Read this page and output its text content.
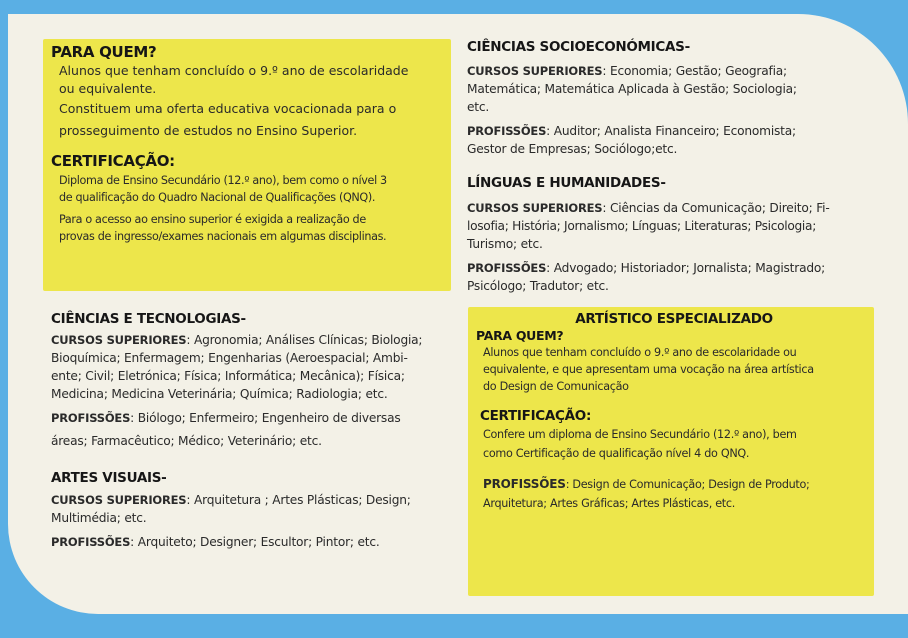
PARA QUEM?
Alunos que tenham concluído o 9.º ano de escolaridade
ou equivalente.
Constituem uma oferta educativa vocacionada para o
prosseguimento de estudos no Ensino Superior.
CERTIFICAÇÃO:
Diploma de Ensino Secundário (12.º ano), bem como o nível 3
de qualificação do Quadro Nacional de Qualificações (QNQ).
Para o acesso ao ensino superior é exigida a realização de
provas de ingresso/exames nacionais em algumas disciplinas.
CIÊNCIAS E TECNOLOGIAS-
CURSOS SUPERIORES: Agronomia; Análises Clínicas; Biologia;
Bioquímica; Enfermagem; Engenharias (Aeroespacial; Ambi-
ente; Civil; Eletrónica; Física; Informática; Mecânica); Física;
Medicina; Medicina Veterinária; Química; Radiologia; etc.
PROFISSÕES: Biólogo; Enfermeiro; Engenheiro de diversas
áreas; Farmacêutico; Médico; Veterinário; etc.
ARTES VISUAIS-
CURSOS SUPERIORES: Arquitetura ; Artes Plásticas; Design;
Multimédia; etc.
PROFISSÕES: Arquiteto; Designer; Escultor; Pintor; etc.
CIÊNCIAS SOCIOECONÓMICAS-
CURSOS SUPERIORES: Economia; Gestão; Geografia;
Matemática; Matemática Aplicada à Gestão; Sociologia;
etc.
PROFISSÕES: Auditor; Analista Financeiro; Economista;
Gestor de Empresas; Sociólogo;etc.
LÍNGUAS E HUMANIDADES-
CURSOS SUPERIORES: Ciências da Comunicação; Direito; Fi-
losofia; História; Jornalismo; Línguas; Literaturas; Psicologia;
Turismo; etc.
PROFISSÕES: Advogado; Historiador; Jornalista; Magistrado;
Psicólogo; Tradutor; etc.
ARTÍSTICO ESPECIALIZADO
PARA QUEM?
Alunos que tenham concluído o 9.º ano de escolaridade ou
equivalente, e que apresentam uma vocação na área artística
do Design de Comunicação
CERTIFICAÇÃO:
Confere um diploma de Ensino Secundário (12.º ano), bem
como Certificação de qualificação nível 4 do QNQ.
PROFISSÕES: Design de Comunicação; Design de Produto;
Arquitetura; Artes Gráficas; Artes Plásticas, etc.
